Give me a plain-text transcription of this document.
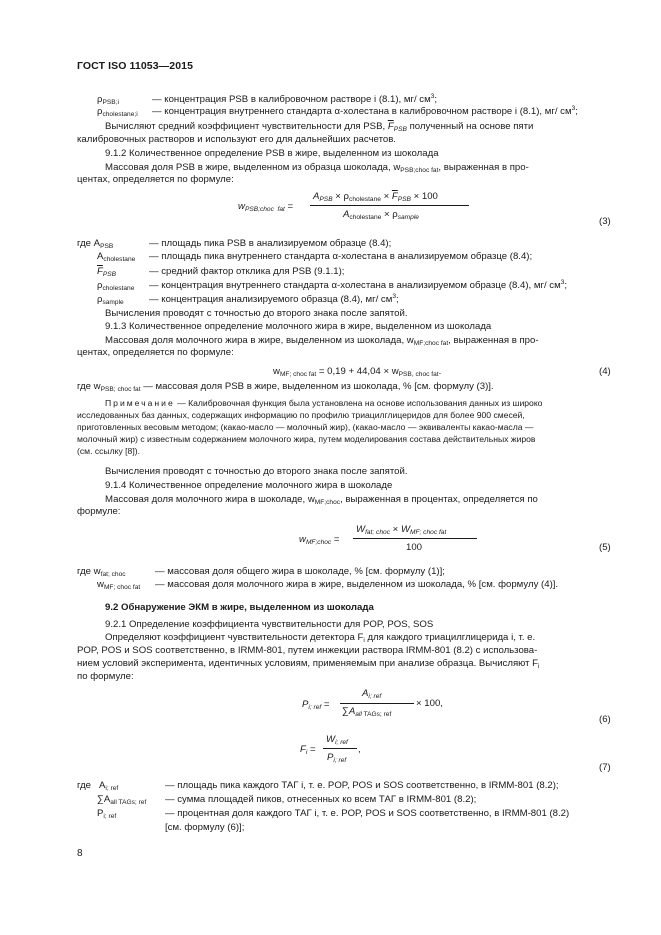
ГОСТ ISO 11053—2015
$\rho_{PSB;i}$	— концентрация PSB в калибровочном растворе i (8.1), мг/ $см^3$;
$\rho_{cholestane;i}$ — концентрация внутреннего стандарта α-холестана в калибровочном растворе i (8.1), мг/ $см^3$;
Вычисляют средний коэффициент чувствительности для PSB, $\overline{F}_{PSB}$ полученный на основе пяти
калибровочных растворов и используют его для дальнейших расчетов.
9.1.2 Количественное определение PSB в жире, выделенном из шоколада
Массовая доля PSB в жире, выделенном из образца шоколада, $w_{PSB;choc fat}$, выраженная в про-
центах, определяется по формуле:
$w_{PSB;choc fat}$ =
$A_{PSB} \times \rho_{cholestane} \times \overline{F}_{PSB} \times 100$
$A_{cholestane} \times \rho_{sample}$	(3)
где $A_{PSB}$	— площадь пика PSB в анализируемом образце (8.4);
$A_{cholestane}$ — площадь пика внутреннего стандарта α-холестана в анализируемом образце (8.4);
$\overline{F}_{PSB}$	— средний фактор отклика для PSB (9.1.1);
$\rho_{cholestane}$ — концентрация внутреннего стандарта α-холестана в анализируемом образце (8.4), мг/ $см^3$;
$\rho_{sample}$	— концентрация анализируемого образца (8.4), мг/ $см^3$;
Вычисления проводят с точностью до второго знака после запятой.
9.1.3 Количественное определение молочного жира в жире, выделенном из шоколада
Массовая доля молочного жира в жире, выделенном из шоколада, $w_{MF;choc fat}$, выраженная в про-
центах, определяется по формуле:
$w_{MF; choc fat} = 0,19 + 44,04 \times w_{PSB, choc fat}$.	(4)
где $w_{PSB; choc fat}$ — массовая доля PSB в жире, выделенном из шоколада, % [см. формулу (3)].
Примечание — Калибровочная функция была установлена на основе использования данных из широко
исследованных баз данных, содержащих информацию по профилю триацилглицеридов для более 900 смесей,
приготовленных весовым методом; (какао-масло — молочный жир), (какао-масло — эквиваленты какао-масла —
молочный жир) с известным содержанием молочного жира, путем моделирования состава действительных жиров
(см. ссылку [8]).
Вычисления проводят с точностью до второго знака после запятой.
9.1.4 Количественное определение молочного жира в шоколаде
Массовая доля молочного жира в шоколаде, $w_{MF;choc}$, выраженная в процентах, определяется по
формуле:
$w_{MF;choc}$ =
$W_{fat; choc} \times W_{MF; choc fat}$
100	(5)
где $w_{fat; choc}$	— массовая доля общего жира в шоколаде, % [см. формулу (1)];
$w_{MF; choc fat}$ — массовая доля молочного жира в жире, выделенном из шоколада, % [см. формулу (4)].
9.2 Обнаружение ЭКМ в жире, выделенном из шоколада
9.2.1 Определение коэффициента чувствительности для POP, POS, SOS
Определяют коэффициент чувствительности детектора $F_i$ для каждого триацилглицерида i, т. е.
POP, POS и SOS соответственно, в IRMM-801, путем инжекции раствора IRMM-801 (8.2) с использова-
нием условий эксперимента, идентичных условиям, применяемым при анализе образца. Вычисляют $F_i$
по формуле:
$P_{i; ref}$ =
$A_{i; ref}$
$\sum A_{all TAGs; ref}$
× 100,
(6)
$F_i$ =
$W_{i; ref}$
$P_{i; ref}$
,
(7)
где   $A_{i; ref}$	— площадь пика каждого ТАГ i, т. е. POP, POS и SOS соответственно, в IRMM-801 (8.2);
$\sum A_{all TAGs; ref}$ — сумма площадей пиков, отнесенных ко всем ТАГ в IRMM-801 (8.2);
$P_{i; ref}$	— процентная доля каждого ТАГ i, т. е. POP, POS и SOS соответственно, в IRMM-801 (8.2)
[см. формулу (6)];
8
